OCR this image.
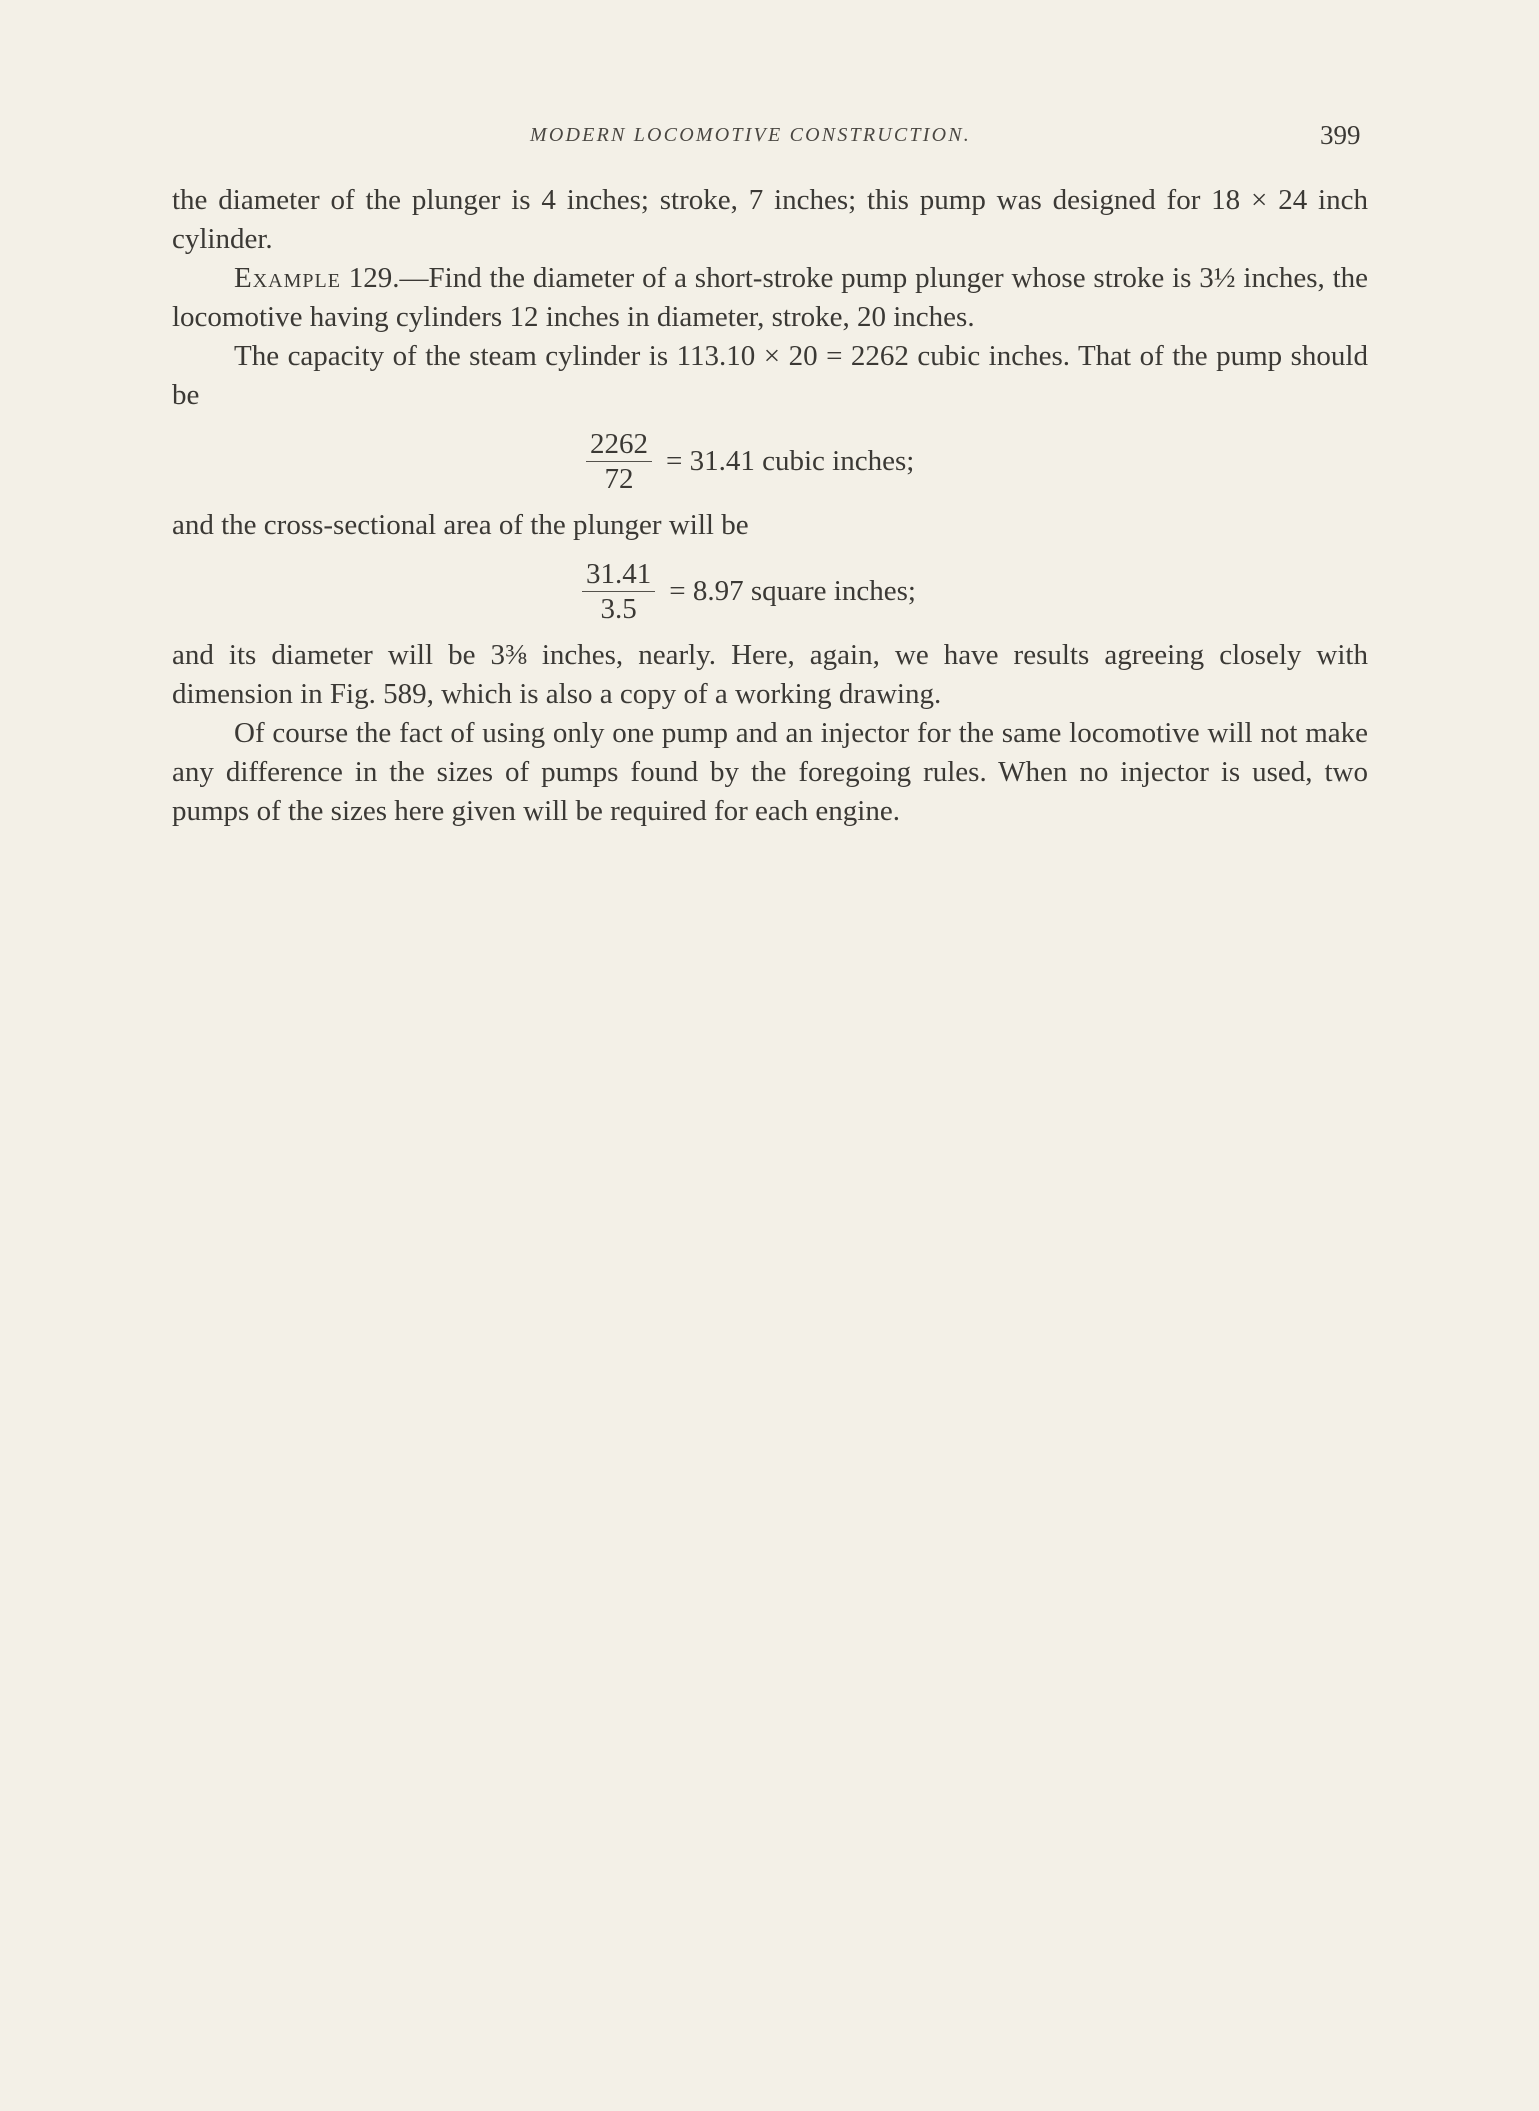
MODERN LOCOMOTIVE CONSTRUCTION.	399

the diameter of the plunger is 4 inches; stroke, 7 inches; this pump was designed for 18 × 24 inch cylinder.

Example 129.—Find the diameter of a short-stroke pump plunger whose stroke is 3½ inches, the locomotive having cylinders 12 inches in diameter, stroke, 20 inches.

The capacity of the steam cylinder is 113.10 × 20 = 2262 cubic inches. That of the pump should be

$\frac{2262}{72} = 31.41$ cubic inches;

and the cross-sectional area of the plunger will be

$\frac{31.41}{3.5} = 8.97$ square inches;

and its diameter will be 3⅜ inches, nearly. Here, again, we have results agreeing closely with dimension in Fig. 589, which is also a copy of a working drawing.

Of course the fact of using only one pump and an injector for the same locomotive will not make any difference in the sizes of pumps found by the foregoing rules. When no injector is used, two pumps of the sizes here given will be required for each engine.
